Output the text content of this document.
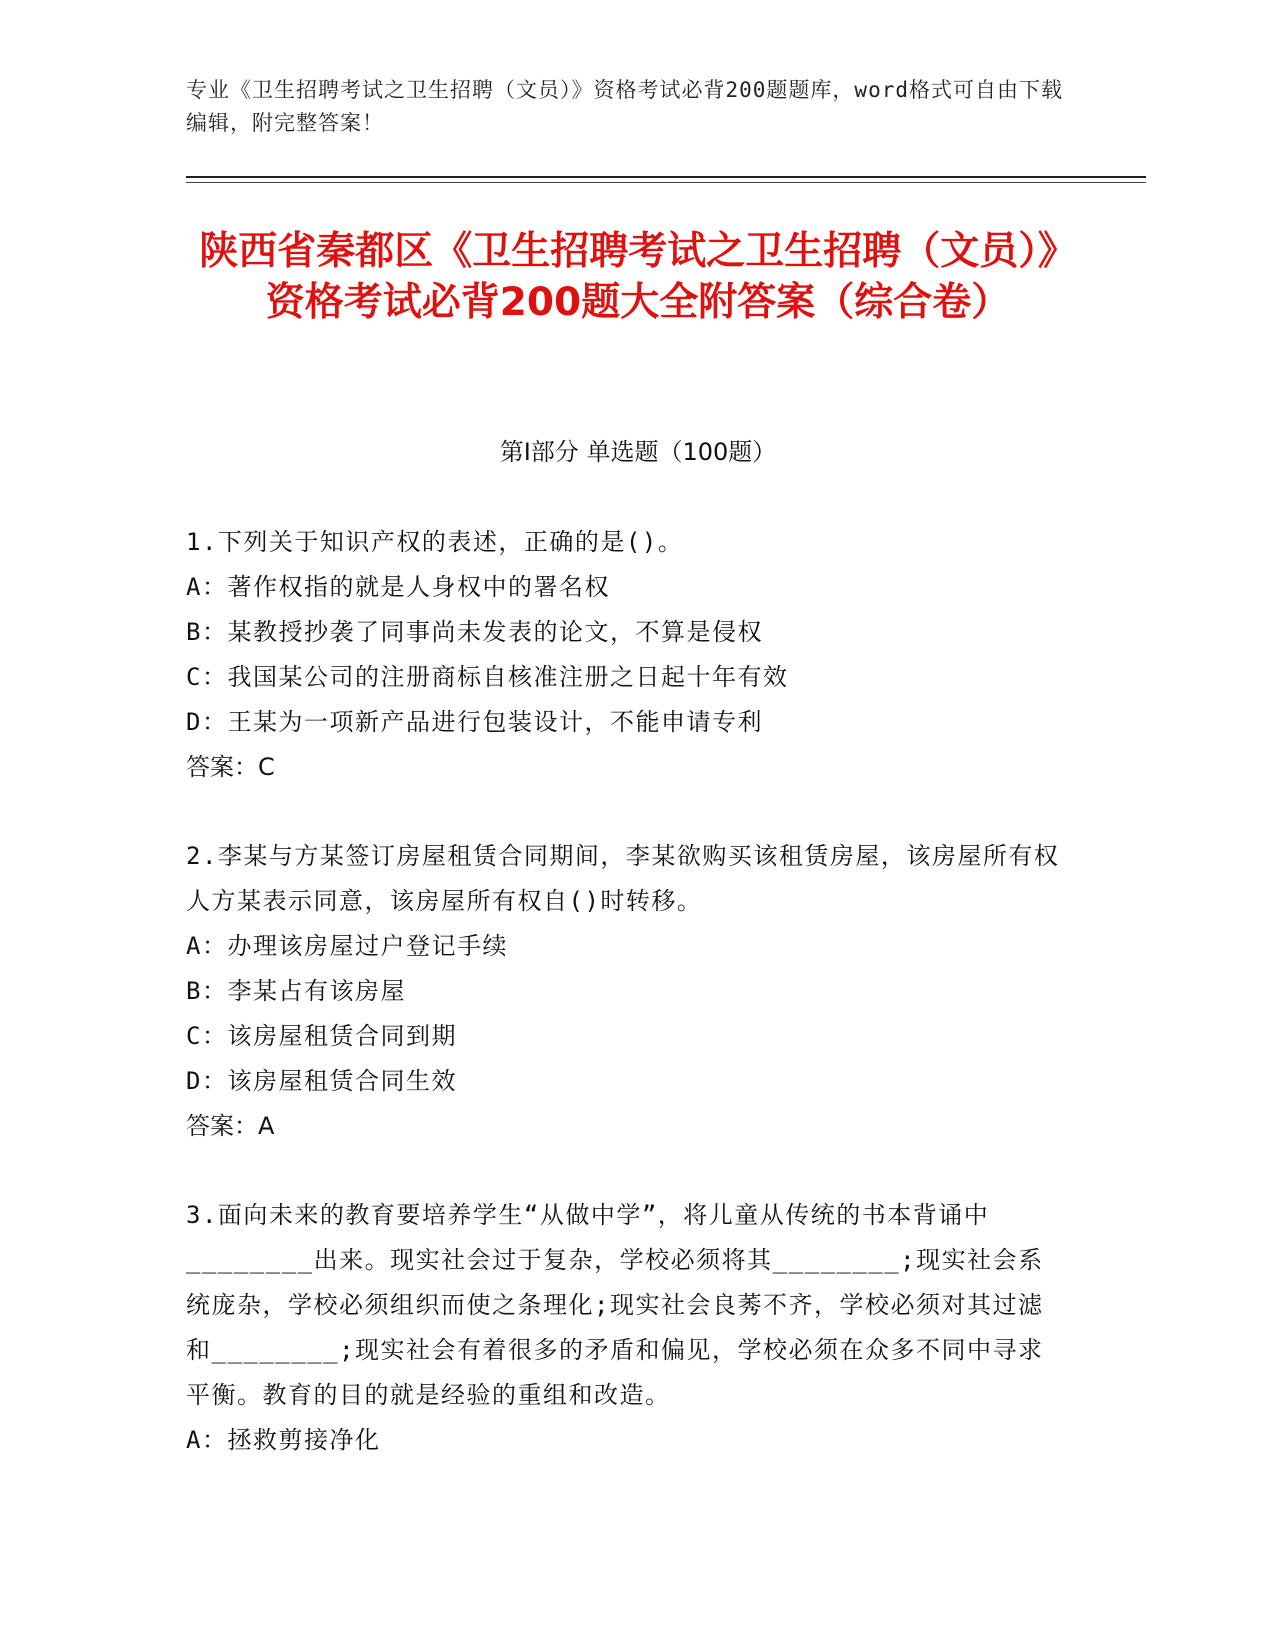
专业《卫生招聘考试之卫生招聘（文员）》资格考试必背200题题库，word格式可自由下载编辑，附完整答案！
陕西省秦都区《卫生招聘考试之卫生招聘（文员）》资格考试必背200题大全附答案（综合卷）
第Ⅰ部分 单选题（100题）
1.下列关于知识产权的表述，正确的是()。
A：著作权指的就是人身权中的署名权
B：某教授抄袭了同事尚未发表的论文，不算是侵权
C：我国某公司的注册商标自核准注册之日起十年有效
D：王某为一项新产品进行包装设计，不能申请专利
答案：C
2.李某与方某签订房屋租赁合同期间，李某欲购买该租赁房屋，该房屋所有权人方某表示同意，该房屋所有权自()时转移。
A：办理该房屋过户登记手续
B：李某占有该房屋
C：该房屋租赁合同到期
D：该房屋租赁合同生效
答案：A
3.面向未来的教育要培养学生“从做中学”，将儿童从传统的书本背诵中________出来。现实社会过于复杂，学校必须将其________;现实社会系统庞杂，学校必须组织而使之条理化;现实社会良莠不齐，学校必须对其过滤和________;现实社会有着很多的矛盾和偏见，学校必须在众多不同中寻求平衡。教育的目的就是经验的重组和改造。
A：拯救剪接净化
